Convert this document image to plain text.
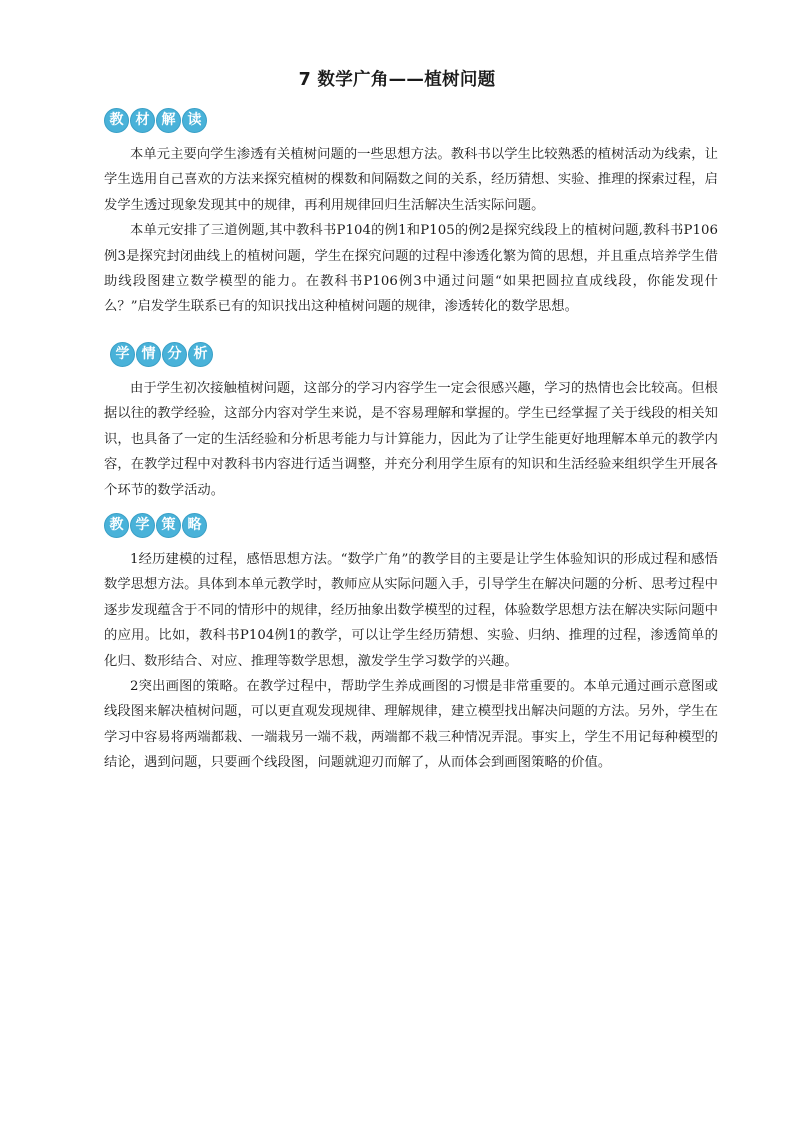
7 数学广角——植树问题
教 材 解 读

本单元主要向学生渗透有关植树问题的一些思想方法。教科书以学生比较熟悉的植树活动为线索，让学生选用自己喜欢的方法来探究植树的棵数和间隔数之间的关系，经历猜想、实验、推理的探索过程，启发学生透过现象发现其中的规律，再利用规律回归生活解决生活实际问题。

本单元安排了三道例题,其中教科书P104的例1和P105的例2是探究线段上的植树问题,教科书P106例3是探究封闭曲线上的植树问题，学生在探究问题的过程中渗透化繁为简的思想，并且重点培养学生借助线段图建立数学模型的能力。在教科书P106例3中通过问题“如果把圆拉直成线段，你能发现什么？”启发学生联系已有的知识找出这种植树问题的规律，渗透转化的数学思想。

学 情 分 析

由于学生初次接触植树问题，这部分的学习内容学生一定会很感兴趣，学习的热情也会比较高。但根据以往的教学经验，这部分内容对学生来说，是不容易理解和掌握的。学生已经掌握了关于线段的相关知识，也具备了一定的生活经验和分析思考能力与计算能力，因此为了让学生能更好地理解本单元的教学内容，在教学过程中对教科书内容进行适当调整，并充分利用学生原有的知识和生活经验来组织学生开展各个环节的数学活动。

教 学 策 略

1经历建模的过程，感悟思想方法。“数学广角”的教学目的主要是让学生体验知识的形成过程和感悟数学思想方法。具体到本单元教学时，教师应从实际问题入手，引导学生在解决问题的分析、思考过程中逐步发现蕴含于不同的情形中的规律，经历抽象出数学模型的过程，体验数学思想方法在解决实际问题中的应用。比如，教科书P104例1的教学，可以让学生经历猜想、实验、归纳、推理的过程，渗透简单的化归、数形结合、对应、推理等数学思想，激发学生学习数学的兴趣。

2突出画图的策略。在教学过程中，帮助学生养成画图的习惯是非常重要的。本单元通过画示意图或线段图来解决植树问题，可以更直观发现规律、理解规律，建立模型找出解决问题的方法。另外，学生在学习中容易将两端都栽、一端栽另一端不栽，两端都不栽三种情况弄混。事实上，学生不用记每种模型的结论，遇到问题，只要画个线段图，问题就迎刃而解了，从而体会到画图策略的价值。
